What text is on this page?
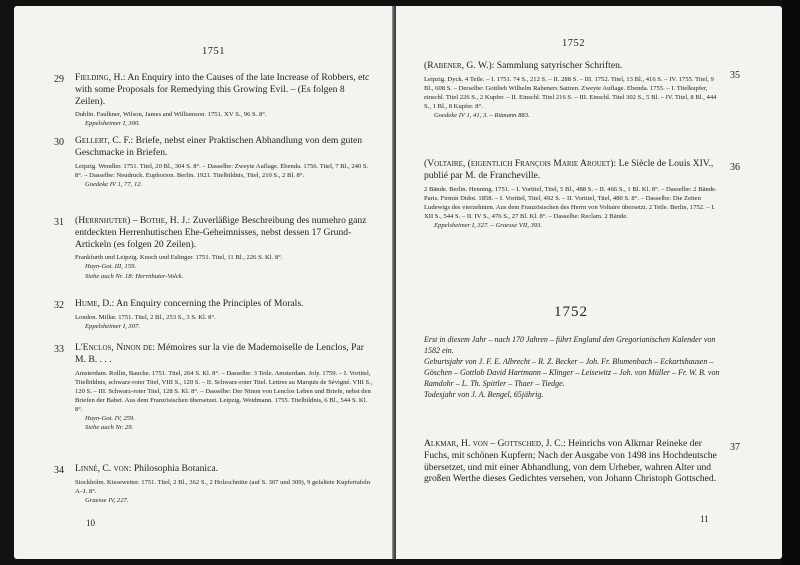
1751
29 Fielding, H.: An Enquiry into the Causes of the late Increase of Robbers, etc with some Proposals for Remedying this Growing Evil. – (Es folgen 8 Zeilen).
Dublin. Faulkner, Wilson, James and Williamson. 1751. XV S., 96 S. 8°.
Eppelsheimer I, 300.
30 Gellert, C. F.: Briefe, nebst einer Praktischen Abhandlung von dem guten Geschmacke in Briefen.
Leipzig. Wendler. 1751. Titel, 20 Bl., 304 S. 8°. – Dasselbe: Zweyte Auflage. Ebenda. 1756. Titel, 7 Bl., 240 S. 8°. – Dasselbe: Neudruck. Euphorion. Berlin. 1921. Titelbildnis, Titel, 210 S., 2 Bl. 8°.
Goedeke IV 1, 77, 12.
31 (Herrnhuter) – Bothe, H. J.: Zuverläßige Beschreibung des numehro ganz entdeckten Herrenhutischen Ehe-Geheimnisses, nebst dessen 17 Grund-Artickeln (es folgen 20 Zeilen).
Frankfurth und Leipzig. Knoch und Eslinger. 1751. Titel, 11 Bl., 226 S. Kl. 8°.
Hayn-Got. III, 159.
Siehe auch Nr. 18: Herrnhuter-Volck.
32 Hume, D.: An Enquiry concerning the Principles of Morals.
London. Millar. 1751. Titel, 2 Bl., 253 S., 3 S. Kl. 8°.
Eppelsheimer I, 307.
33 L'Enclos, Ninon de: Mémoires sur la vie de Mademoiselle de Lenclos, Par M. B. . . .
Amsterdam. Rollin, Bauche. 1751. Titel, 264 S. Kl. 8°. – Dasselbe: 3 Teile. Amsterdam. Joly. 1759. – I. Vortitel, Titelbildnis, schwarz-roter Titel, VIII S., 120 S. – II. Schwarz-roter Titel. Lettres au Marquis de Sévigné. VIII S., 120 S. – III. Schwarz-roter Titel, 128 S. Kl. 8°. – Dasselbe: Der Ninon von Lenclos Leben und Briefe, nebst den Briefen der Babet. Aus dem Französischen übersetzet. Leipzig. Weidmann. 1755. Titelbildnis, 6 Bl., 544 S. Kl. 8°.
Hayn-Got. IV, 259.
Siehe auch Nr. 29.
34 Linné, C. von: Philosophia Botanica.
Stockholm. Kiesewetter. 1751. Titel, 2 Bl., 362 S., 2 Holzschnitte (auf S. 307 und 309), 9 gefaltete Kupfertafeln A–J. 8°.
Graesse IV, 227.
10
1752
(Rabener, G. W.): Sammlung satyrischer Schriften.
Leipzig. Dyck. 4 Teile. – I. 1751. 74 S., 212 S. – II. 288 S. – III. 1752. Titel, 13 Bl., 416 S. – IV. 1755. Titel, 9 Bl., 608 S. – Derselbe: Gottlieb Wilhelm Rabeners Satiren. Zweyte Auflage. Ebenda. 1755. – I. Titelkupfer, einschl. Titel 226 S., 2 Kupfer. – II. Einschl. Titel 216 S. – III. Einschl. Titel 302 S., 5 Bl. – IV. Titel, 8 Bl., 444 S., 1 Bl., 8 Kupfer. 8°.
Goedeke IV 1, 41, 3. – Rümann 883.
35
(Voltaire, (eigentlich François Marie Arouet): Le Siècle de Louis XIV., publié par M. de Francheville.
2 Bände. Berlin. Henning. 1751. – I. Vortitel, Titel, 5 Bl., 488 S. – II. 466 S., 1 Bl. Kl. 8°. – Dasselbe: 2 Bände. Paris. Firmin Didot. 1858. – I. Vortitel, Titel, 492 S. – II. Vortitel, Titel, 480 S. 8°. – Dasselbe: Die Zeiten Ludewigs des vierzehnten. Aus dem Französischen des Herrn von Voltaire übersetzt. 2 Teile. Berlin, 1752. – I. XII S., 544 S. – II. IV S., 476 S., 27 Bl. Kl. 8°. – Dasselbe: Reclam. 2 Bände.
Eppelsheimer I, 327. – Graesse VII, 393.
36
1752
Erst in diesem Jahr – nach 170 Jahren – führt England den Gregorianischen Kalender von 1582 ein.
Geburtsjahr von J. F. E. Albrecht – R. Z. Becker – Joh. Fr. Blumenbach – Eckartshausen – Göschen – Gottlob David Hartmann – Klinger – Leisewitz – Joh. von Müller – Fr. W. B. von Ramdohr – L. Th. Spittler – Thaer – Tiedge.
Todesjahr von J. A. Bengel, 65jährig.
Alkmar, H. von – Gottsched, J. C.: Heinrichs von Alkmar Reineke der Fuchs, mit schönen Kupfern; Nach der Ausgabe von 1498 ins Hochdeutsche übersetzet, und mit einer Abhandlung, von dem Urheber, wahren Alter und großen Werthe dieses Gedichtes versehen, von Johann Christoph Gottsched.
37
11
